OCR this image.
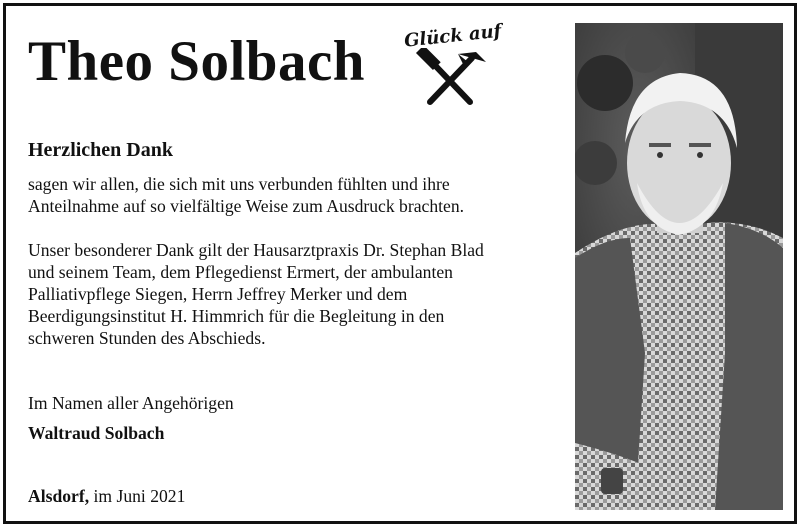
Theo Solbach Glück auf
Herzlichen Dank
sagen wir allen, die sich mit uns verbunden fühlten und ihre
Anteilnahme auf so vielfältige Weise zum Ausdruck brachten.
Unser besonderer Dank gilt der Hausarztpraxis Dr. Stephan Blad
und seinem Team, dem Pflegedienst Ermert, der ambulanten
Palliativpflege Siegen, Herrn Jeffrey Merker und dem
Beerdigungsinstitut H. Himmrich für die Begleitung in den
schweren Stunden des Abschieds.
Im Namen aller Angehörigen
Waltraud Solbach
Alsdorf, im Juni 2021
